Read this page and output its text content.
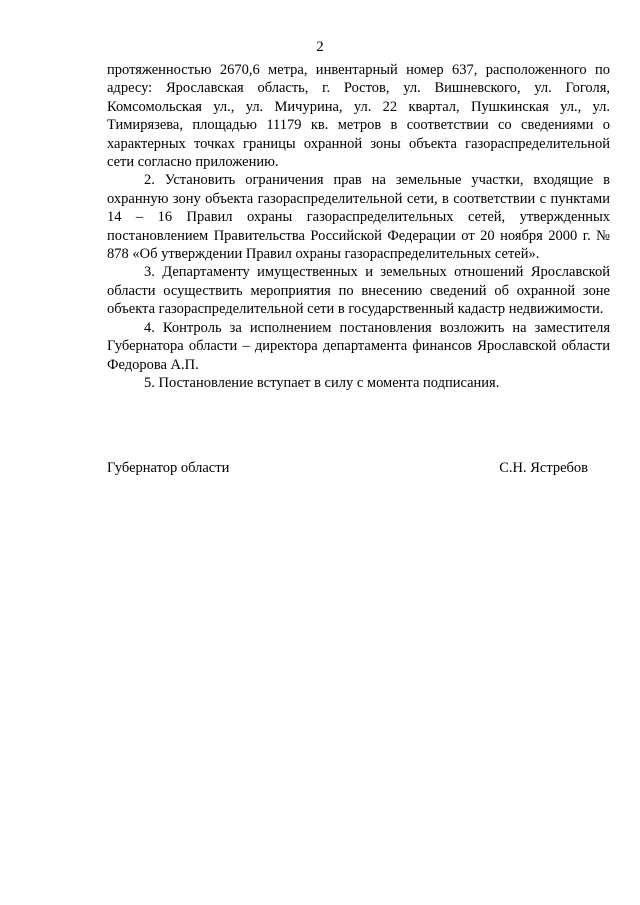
2

протяженностью 2670,6 метра, инвентарный номер 637, расположенного по адресу: Ярославская область, г. Ростов, ул. Вишневского, ул. Гоголя, Комсомольская ул., ул. Мичурина, ул. 22 квартал, Пушкинская ул., ул. Тимирязева, площадью 11179 кв. метров в соответствии со сведениями о характерных точках границы охранной зоны объекта газораспределительной сети согласно приложению.

2. Установить ограничения прав на земельные участки, входящие в охранную зону объекта газораспределительной сети, в соответствии с пунктами 14 – 16 Правил охраны газораспределительных сетей, утвержденных постановлением Правительства Российской Федерации от 20 ноября 2000 г. № 878 «Об утверждении Правил охраны газораспределительных сетей».

3. Департаменту имущественных и земельных отношений Ярославской области осуществить мероприятия по внесению сведений об охранной зоне объекта газораспределительной сети в государственный кадастр недвижимости.

4. Контроль за исполнением постановления возложить на заместителя Губернатора области – директора департамента финансов Ярославской области Федорова А.П.

5. Постановление вступает в силу с момента подписания.

Губернатор области	С.Н. Ястребов
